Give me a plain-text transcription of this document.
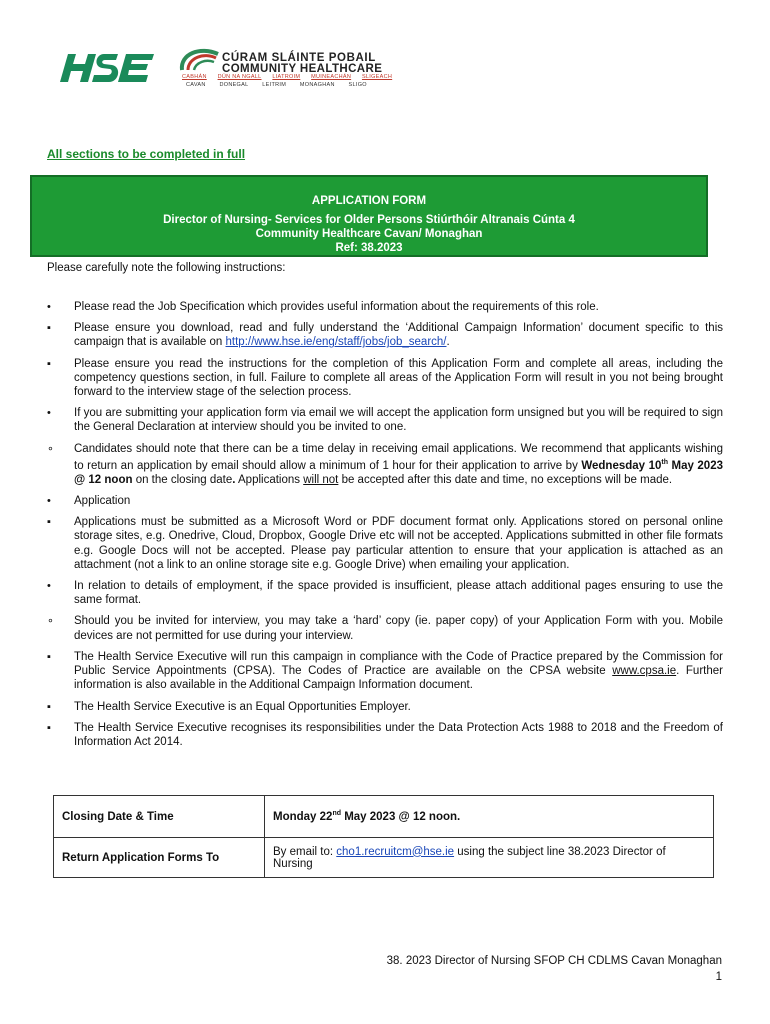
CÚRAM SLÁINTE POBAIL
COMMUNITY HEALTHCARE
CABHÁN DÚN NA NGALL LIATROIM MUINEACHÁN SLIGEACH
CAVAN	DONEGAL	LEITRIM	MONAGHAN	SLIGO
All sections to be completed in full
APPLICATION FORM
Director of Nursing- Services for Older Persons Stiúrthóir Altranais Cúnta 4
Community Healthcare Cavan/ Monaghan
Ref: 38.2023
Please carefully note the following instructions:
• Please read the Job Specification which provides useful information about the requirements of this role.
▪ Please ensure you download, read and fully understand the ‘Additional Campaign Information’ document specific to this campaign that is available on http://www.hse.ie/eng/staff/jobs/job_search/.
▪ Please ensure you read the instructions for the completion of this Application Form and complete all areas, including the competency questions section, in full. Failure to complete all areas of the Application Form will result in you not being brought forward to the interview stage of the selection process.
• If you are submitting your application form via email we will accept the application form unsigned but you will be required to sign the General Declaration at interview should you be invited to one.
∘ Candidates should note that there can be a time delay in receiving email applications. We recommend that applicants wishing to return an application by email should allow a minimum of 1 hour for their application to arrive by Wednesday 10th May 2023 @ 12 noon on the closing date. Applications will not be accepted after this date and time, no exceptions will be made.
• Application
▪ Applications must be submitted as a Microsoft Word or PDF document format only. Applications stored on personal online storage sites, e.g. Onedrive, Cloud, Dropbox, Google Drive etc will not be accepted. Applications submitted in other file formats e.g. Google Docs will not be accepted. Please pay particular attention to ensure that your application is attached as an attachment (not a link to an online storage site e.g. Google Drive) when emailing your application.
• In relation to details of employment, if the space provided is insufficient, please attach additional pages ensuring to use the same format.
∘ Should you be invited for interview, you may take a ‘hard’ copy (ie. paper copy) of your Application Form with you. Mobile devices are not permitted for use during your interview.
▪ The Health Service Executive will run this campaign in compliance with the Code of Practice prepared by the Commission for Public Service Appointments (CPSA). The Codes of Practice are available on the CPSA website www.cpsa.ie. Further information is also available in the Additional Campaign Information document.
▪ The Health Service Executive is an Equal Opportunities Employer.
▪ The Health Service Executive recognises its responsibilities under the Data Protection Acts 1988 to 2018 and the Freedom of Information Act 2014.
Closing Date & Time	Monday 22nd May 2023 @ 12 noon.
Return Application Forms To	By email to: cho1.recruitcm@hse.ie using the subject line 38.2023 Director of Nursing
38. 2023 Director of Nursing SFOP CH CDLMS Cavan Monaghan
1
